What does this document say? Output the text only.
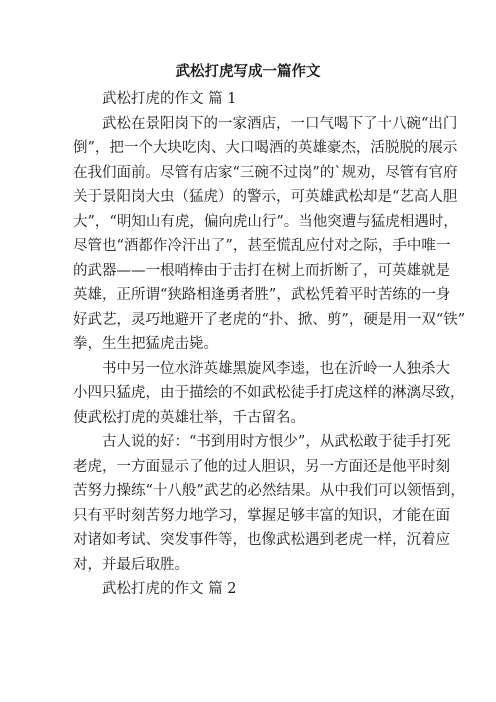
武松打虎写成一篇作文
武松打虎的作文 篇 1
武松在景阳岗下的一家酒店，一口气喝下了十八碗“出门
倒”，把一个大块吃肉、大口喝酒的英雄豪杰，活脱脱的展示
在我们面前。尽管有店家“三碗不过岗”的`规劝，尽管有官府
关于景阳岗大虫（猛虎）的警示，可英雄武松却是“艺高人胆
大”，“明知山有虎，偏向虎山行”。当他突遭与猛虎相遇时，
尽管也“酒都作冷汗出了”，甚至慌乱应付对之际，手中唯一
的武器——一根哨棒由于击打在树上而折断了，可英雄就是
英雄，正所谓“狭路相逢勇者胜”，武松凭着平时苦练的一身
好武艺，灵巧地避开了老虎的“扑、掀、剪”，硬是用一双“铁”
拳，生生把猛虎击毙。
书中另一位水浒英雄黑旋风李逵，也在沂岭一人独杀大
小四只猛虎，由于描绘的不如武松徒手打虎这样的淋漓尽致，
使武松打虎的英雄壮举，千古留名。
古人说的好：“书到用时方恨少”，从武松敢于徒手打死
老虎，一方面显示了他的过人胆识，另一方面还是他平时刻
苦努力操练“十八般”武艺的必然结果。从中我们可以领悟到，
只有平时刻苦努力地学习，掌握足够丰富的知识，才能在面
对诸如考试、突发事件等，也像武松遇到老虎一样，沉着应
对，并最后取胜。
武松打虎的作文 篇 2
